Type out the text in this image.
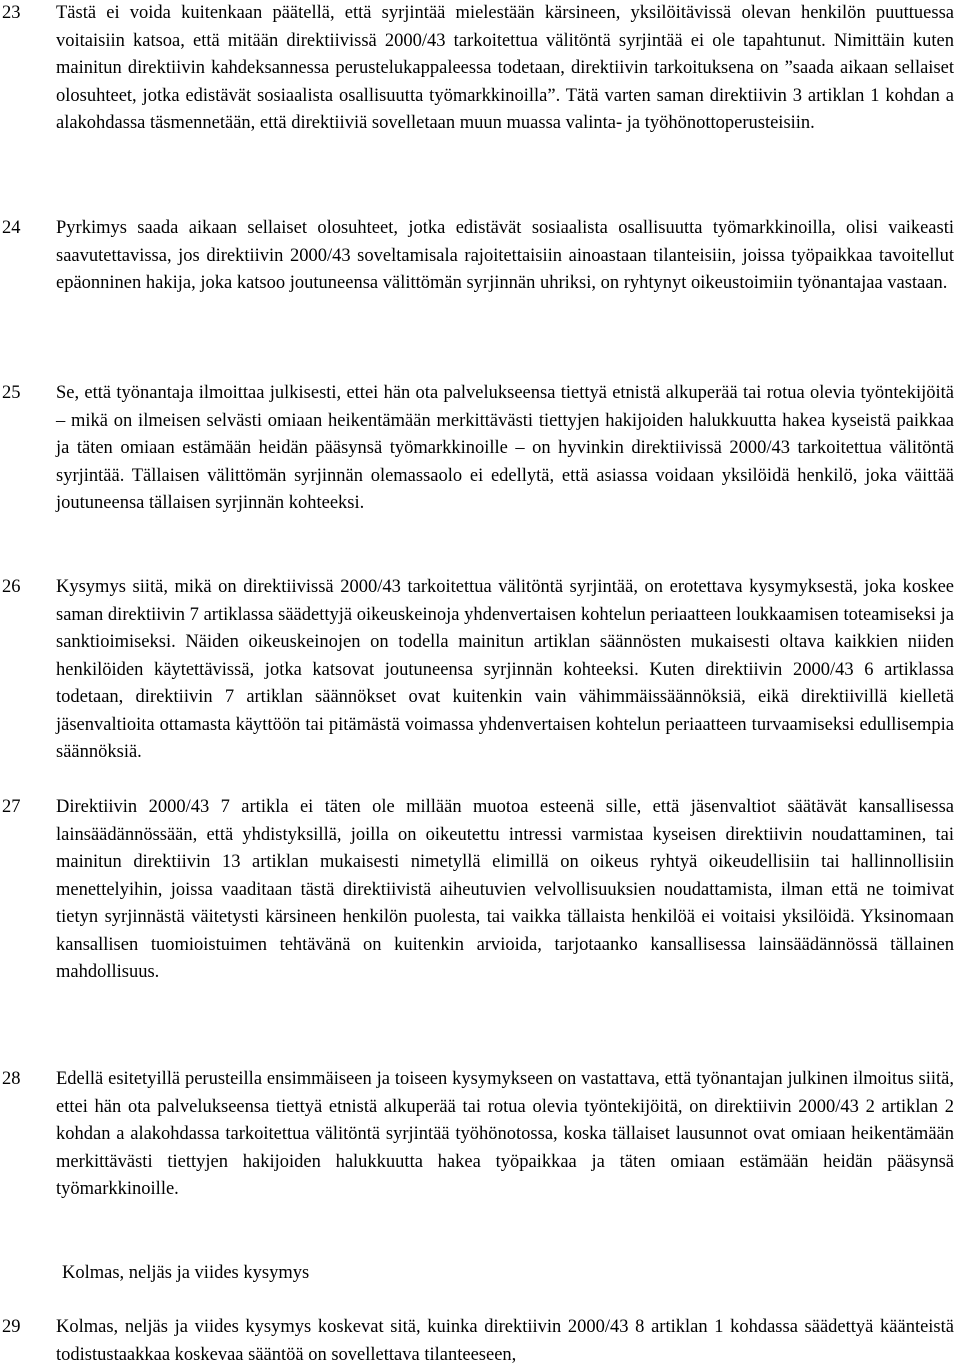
23 Tästä ei voida kuitenkaan päätellä, että syrjintää mielestään kärsineen, yksilöitävissä olevan henkilön puuttuessa voitaisiin katsoa, että mitään direktiivissä 2000/43 tarkoitettua välitöntä syrjintää ei ole tapahtunut. Nimittäin kuten mainitun direktiivin kahdeksannessa perustelukappaleessa todetaan, direktiivin tarkoituksena on ”saada aikaan sellaiset olosuhteet, jotka edistävät sosiaalista osallisuutta työmarkkinoilla”. Tätä varten saman direktiivin 3 artiklan 1 kohdan a alakohdassa täsmennetään, että direktiiviä sovelletaan muun muassa valinta- ja työhönottoperusteisiin.
24 Pyrkimys saada aikaan sellaiset olosuhteet, jotka edistävät sosiaalista osallisuutta työmarkkinoilla, olisi vaikeasti saavutettavissa, jos direktiivin 2000/43 soveltamisala rajoitettaisiin ainoastaan tilanteisiin, joissa työpaikkaa tavoitellut epäonninen hakija, joka katsoo joutuneensa välittömän syrjinnän uhriksi, on ryhtynyt oikeustoimiin työnantajaa vastaan.
25 Se, että työnantaja ilmoittaa julkisesti, ettei hän ota palvelukseensa tiettyä etnistä alkuperää tai rotua olevia työntekijöitä – mikä on ilmeisen selvästi omiaan heikentämään merkittävästi tiettyjen hakijoiden halukkuutta hakea kyseistä paikkaa ja täten omiaan estämään heidän pääsynsä työmarkkinoille – on hyvinkin direktiivissä 2000/43 tarkoitettua välitöntä syrjintää. Tällaisen välittömän syrjinnän olemassaolo ei edellytä, että asiassa voidaan yksilöidä henkilö, joka väittää joutuneensa tällaisen syrjinnän kohteeksi.
26 Kysymys siitä, mikä on direktiivissä 2000/43 tarkoitettua välitöntä syrjintää, on erotettava kysymyksestä, joka koskee saman direktiivin 7 artiklassa säädettyjä oikeuskeinoja yhdenvertaisen kohtelun periaatteen loukkaamisen toteamiseksi ja sanktioimiseksi. Näiden oikeuskeinojen on todella mainitun artiklan säännösten mukaisesti oltava kaikkien niiden henkilöiden käytettävissä, jotka katsovat joutuneensa syrjinnän kohteeksi. Kuten direktiivin 2000/43 6 artiklassa todetaan, direktiivin 7 artiklan säännökset ovat kuitenkin vain vähimmäissäännöksiä, eikä direktiivillä kielletä jäsenvaltioita ottamasta käyttöön tai pitämästä voimassa yhdenvertaisen kohtelun periaatteen turvaamiseksi edullisempia säännöksiä.
27 Direktiivin 2000/43 7 artikla ei täten ole millään muotoa esteenä sille, että jäsenvaltiot säätävät kansallisessa lainsäädännössään, että yhdistyksillä, joilla on oikeutettu intressi varmistaa kyseisen direktiivin noudattaminen, tai mainitun direktiivin 13 artiklan mukaisesti nimetyllä elimillä on oikeus ryhtyä oikeudellisiin tai hallinnollisiin menettelyihin, joissa vaaditaan tästä direktiivistä aiheutuvien velvollisuuksien noudattamista, ilman että ne toimivat tietyn syrjinnästä väitetysti kärsineen henkilön puolesta, tai vaikka tällaista henkilöä ei voitaisi yksilöidä. Yksinomaan kansallisen tuomioistuimen tehtävänä on kuitenkin arvioida, tarjotaanko kansallisessa lainsäädännössä tällainen mahdollisuus.
28 Edellä esitetyillä perusteilla ensimmäiseen ja toiseen kysymykseen on vastattava, että työnantajan julkinen ilmoitus siitä, ettei hän ota palvelukseensa tiettyä etnistä alkuperää tai rotua olevia työntekijöitä, on direktiivin 2000/43 2 artiklan 2 kohdan a alakohdassa tarkoitettua välitöntä syrjintää työhönotossa, koska tällaiset lausunnot ovat omiaan heikentämään merkittävästi tiettyjen hakijoiden halukkuutta hakea työpaikkaa ja täten omiaan estämään heidän pääsynsä työmarkkinoille.
Kolmas, neljäs ja viides kysymys
29 Kolmas, neljäs ja viides kysymys koskevat sitä, kuinka direktiivin 2000/43 8 artiklan 1 kohdassa säädettyä käänteistä todistustaakkaa koskevaa sääntöä on sovellettava tilanteeseen,
